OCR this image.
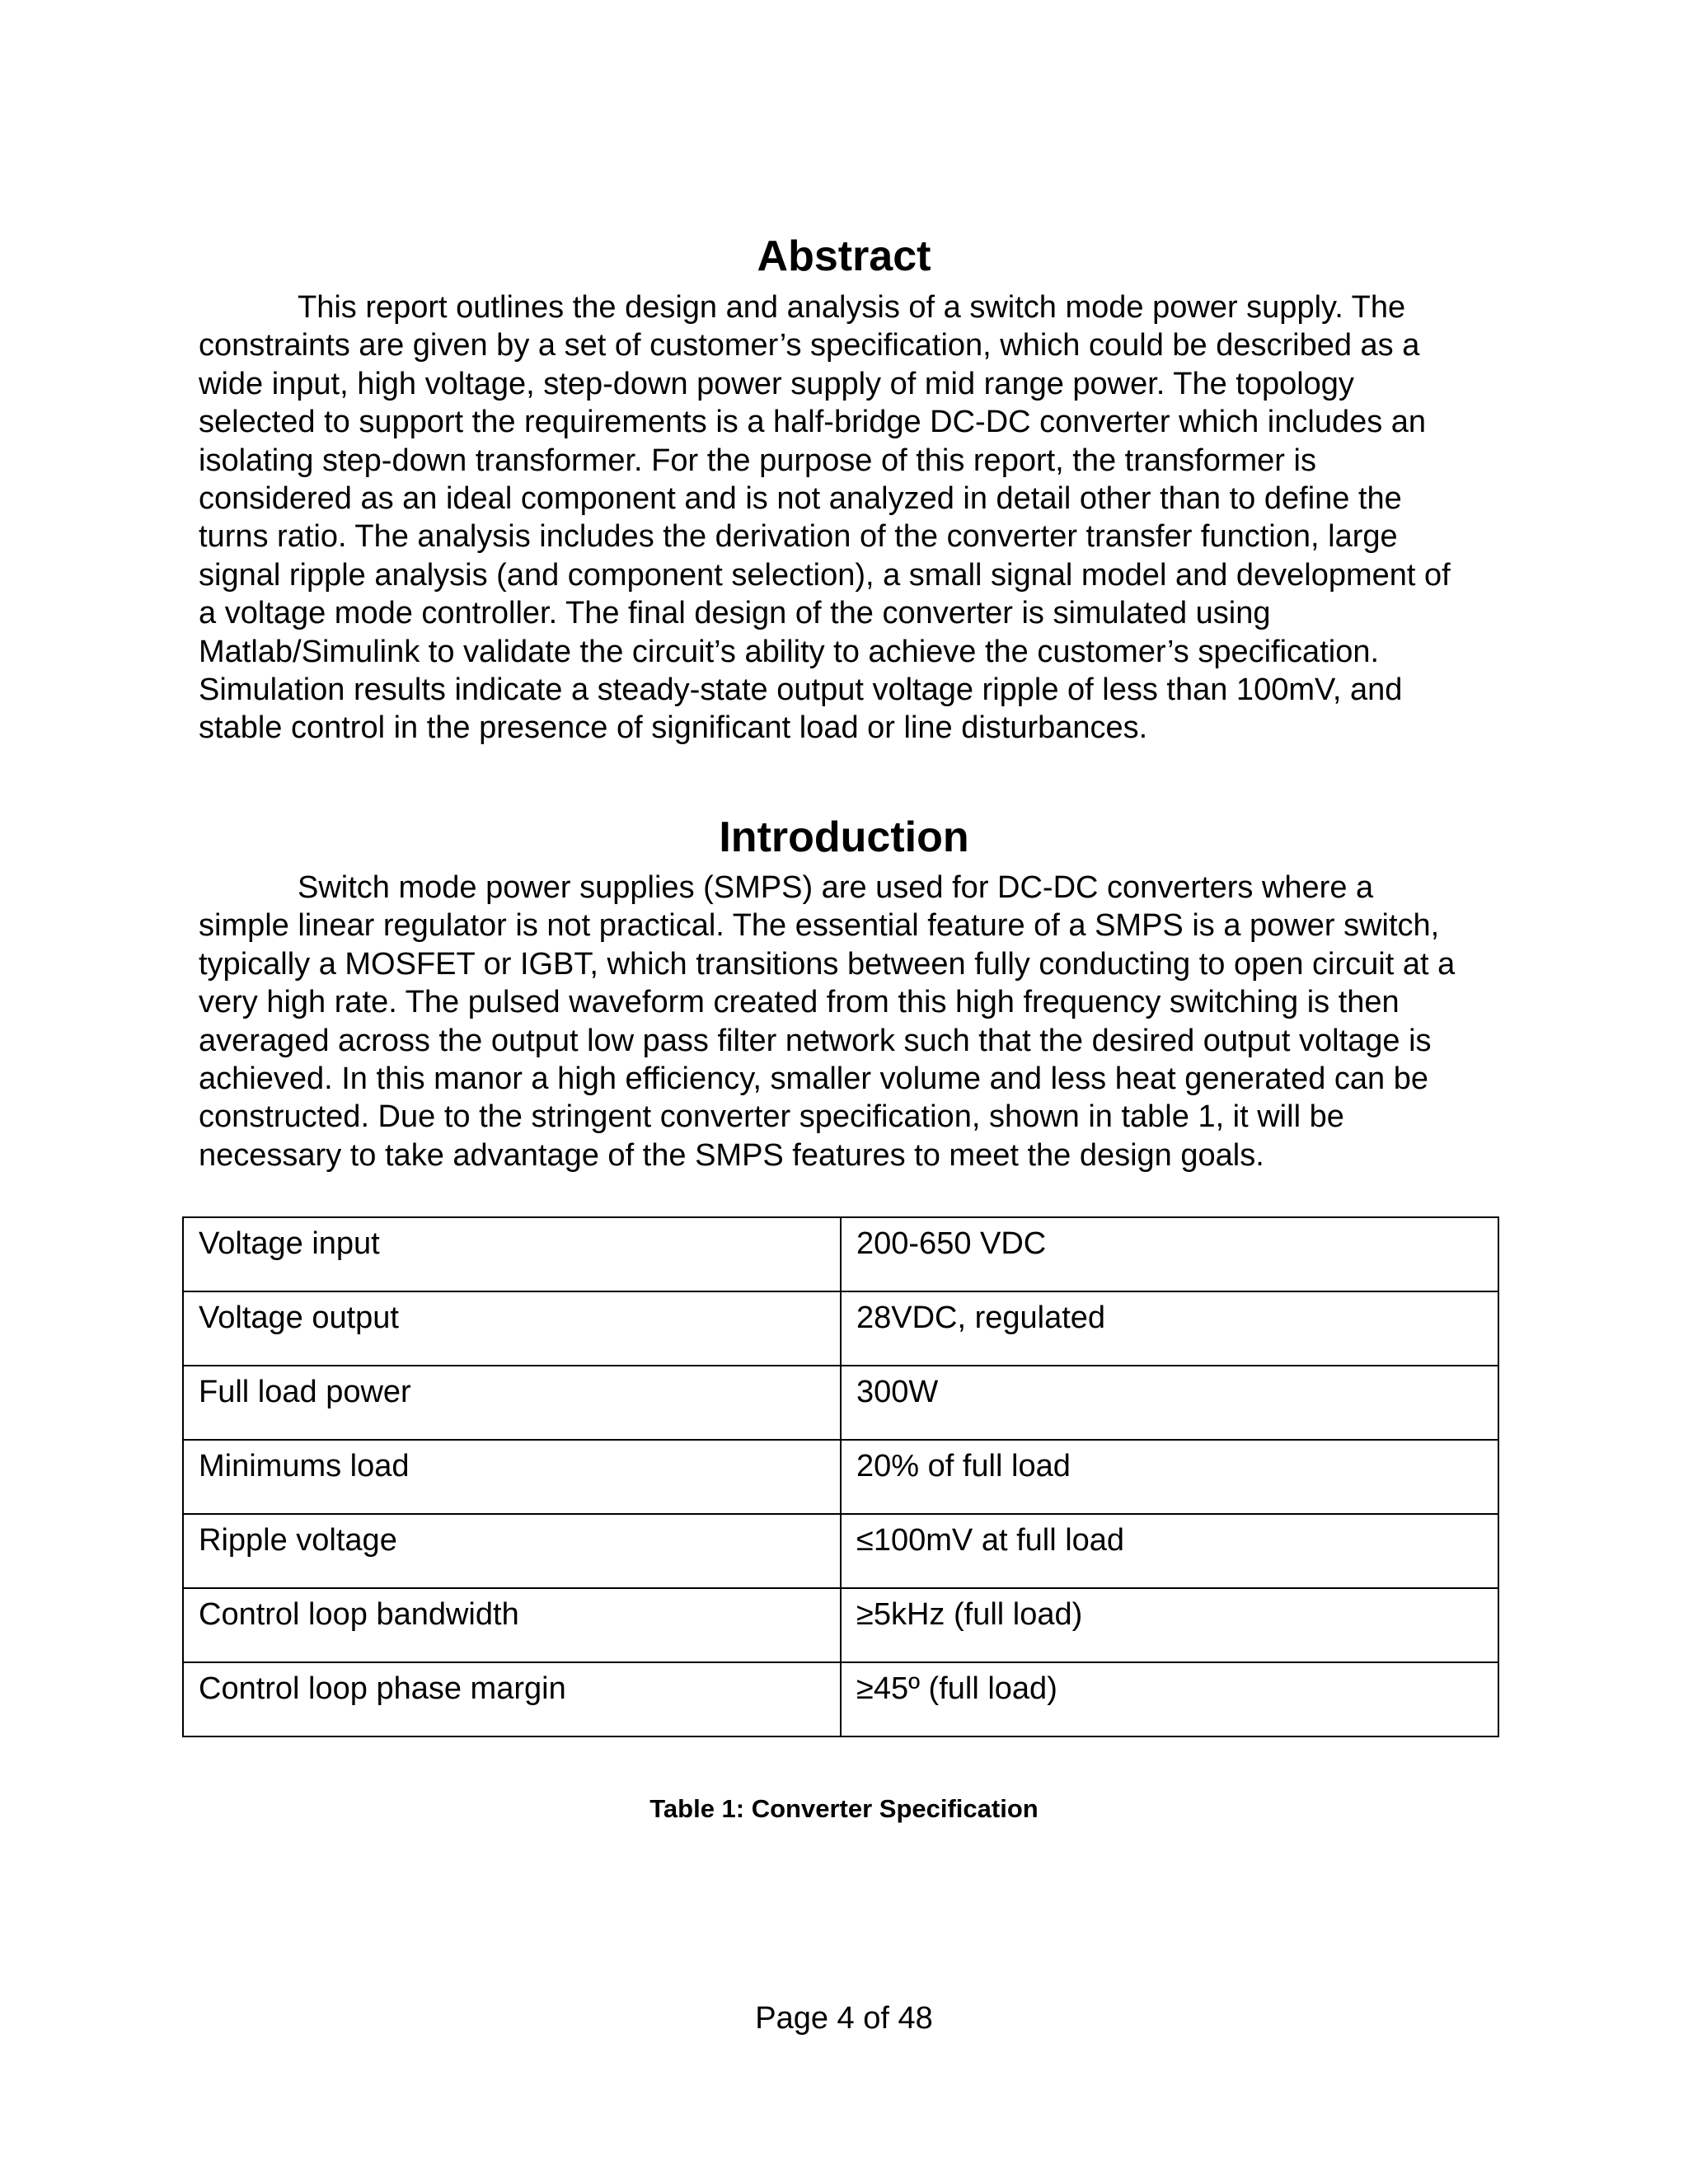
Abstract
This report outlines the design and analysis of a switch mode power supply. The
constraints are given by a set of customer’s specification, which could be described as a
wide input, high voltage, step-down power supply of mid range power. The topology
selected to support the requirements is a half-bridge DC-DC converter which includes an
isolating step-down transformer. For the purpose of this report, the transformer is
considered as an ideal component and is not analyzed in detail other than to define the
turns ratio. The analysis includes the derivation of the converter transfer function, large
signal ripple analysis (and component selection), a small signal model and development of
a voltage mode controller. The final design of the converter is simulated using
Matlab/Simulink to validate the circuit’s ability to achieve the customer’s specification.
Simulation results indicate a steady-state output voltage ripple of less than 100mV, and
stable control in the presence of significant load or line disturbances.
Introduction
Switch mode power supplies (SMPS) are used for DC-DC converters where a
simple linear regulator is not practical. The essential feature of a SMPS is a power switch,
typically a MOSFET or IGBT, which transitions between fully conducting to open circuit at a
very high rate. The pulsed waveform created from this high frequency switching is then
averaged across the output low pass filter network such that the desired output voltage is
achieved. In this manor a high efficiency, smaller volume and less heat generated can be
constructed. Due to the stringent converter specification, shown in table 1, it will be
necessary to take advantage of the SMPS features to meet the design goals.
Voltage input	200-650 VDC

Voltage output	28VDC, regulated

Full load power	300W

Minimums load	20% of full load

Ripple voltage	≤100mV at full load

Control loop bandwidth	≥5kHz (full load)

Control loop phase margin	≥45º (full load)

Table 1: Converter Specification

Page 4 of 48
